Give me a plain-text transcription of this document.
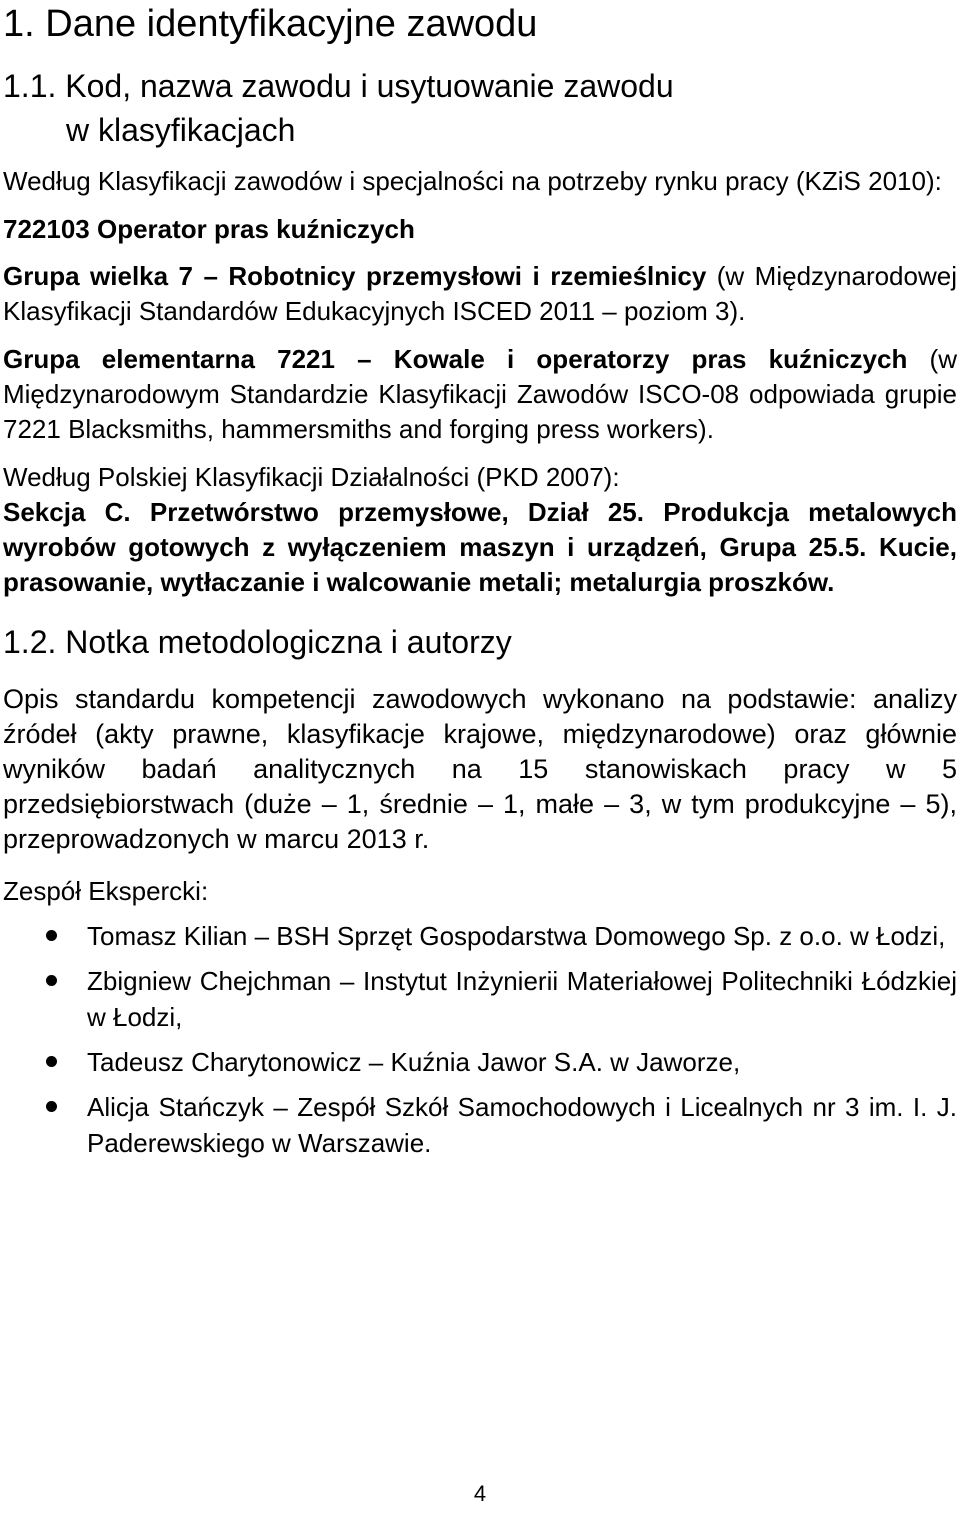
1. Dane identyfikacyjne zawodu
1.1. Kod, nazwa zawodu i usytuowanie zawodu
w klasyfikacjach

Według Klasyfikacji zawodów i specjalności na potrzeby rynku pracy (KZiS 2010):

722103 Operator pras kuźniczych

Grupa wielka 7 – Robotnicy przemysłowi i rzemieślnicy (w Międzynarodowej Klasyfikacji Standardów Edukacyjnych ISCED 2011 – poziom 3).

Grupa elementarna 7221 – Kowale i operatorzy pras kuźniczych (w Międzynarodowym Standardzie Klasyfikacji Zawodów ISCO-08 odpowiada grupie 7221 Blacksmiths, hammersmiths and forging press workers).

Według Polskiej Klasyfikacji Działalności (PKD 2007):

Sekcja C. Przetwórstwo przemysłowe, Dział 25. Produkcja metalowych wyrobów gotowych z wyłączeniem maszyn i urządzeń, Grupa 25.5. Kucie, prasowanie, wytłaczanie i walcowanie metali; metalurgia proszków.

1.2. Notka metodologiczna i autorzy

Opis standardu kompetencji zawodowych wykonano na podstawie: analizy źródeł (akty prawne, klasyfikacje krajowe, międzynarodowe) oraz głównie wyników badań analitycznych na 15 stanowiskach pracy w 5 przedsiębiorstwach (duże – 1, średnie – 1, małe – 3, w tym produkcyjne – 5), przeprowadzonych w marcu 2013 r.

Zespół Ekspercki:

Tomasz Kilian – BSH Sprzęt Gospodarstwa Domowego Sp. z o.o. w Łodzi,
Zbigniew Chejchman – Instytut Inżynierii Materiałowej Politechniki Łódzkiej w Łodzi,
Tadeusz Charytonowicz – Kuźnia Jawor S.A. w Jaworze,
Alicja Stańczyk – Zespół Szkół Samochodowych i Licealnych nr 3 im. I. J. Paderewskiego w Warszawie.
4
